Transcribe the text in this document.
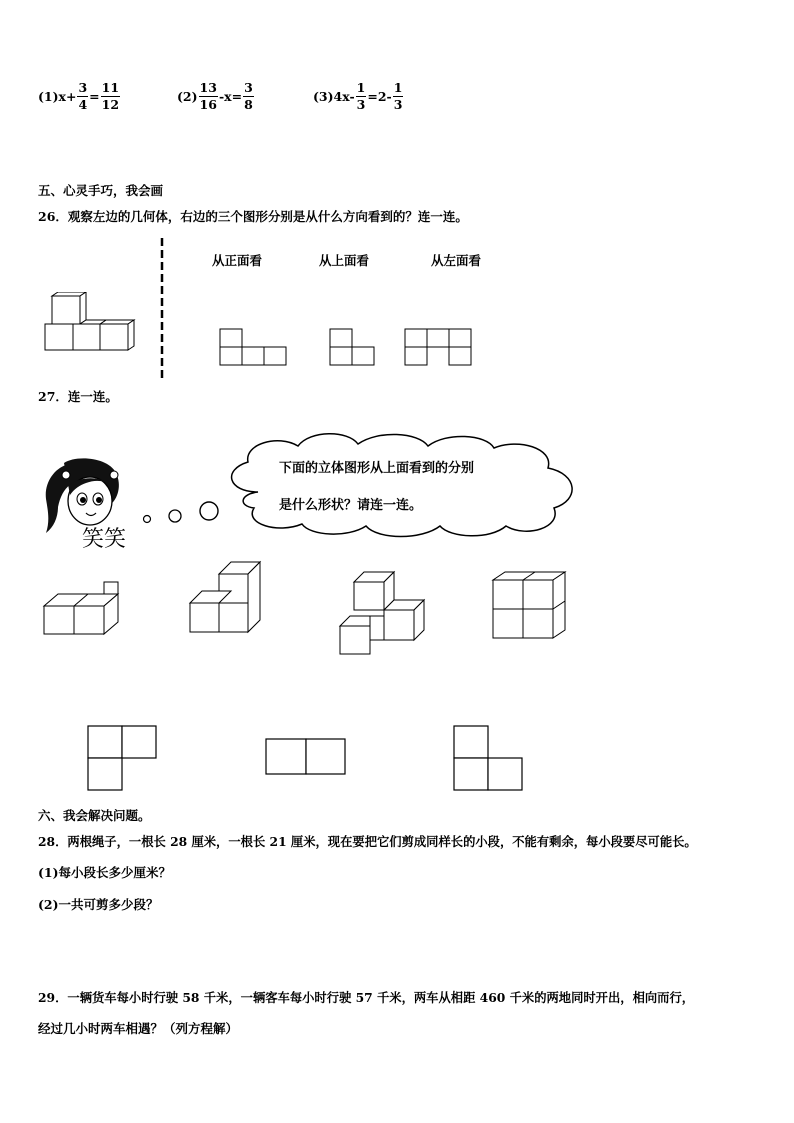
$(1)x+ \frac{3}{4} = \frac{11}{12}$	$(2) \frac{13}{16} -x= \frac{3}{8}$	$(3)4x- \frac{1}{3} =2- \frac{1}{3}$
五、心灵手巧，我会画
26．观察左边的几何体，右边的三个图形分别是从什么方向看到的？连一连。
从正面看	从上面看	从左面看
27．连一连。
笑笑
下面的立体图形从上面看到的分别
是什么形状？请连一连。
六、我会解决问题。
28．两根绳子，一根长 28 厘米，一根长 21 厘米，现在要把它们剪成同样长的小段，不能有剩余，每小段要尽可能长。
(1)每小段长多少厘米？
(2)一共可剪多少段？
29．一辆货车每小时行驶 58 千米，一辆客车每小时行驶 57 千米，两车从相距 460 千米的两地同时开出，相向而行，
经过几小时两车相遇？（列方程解）
